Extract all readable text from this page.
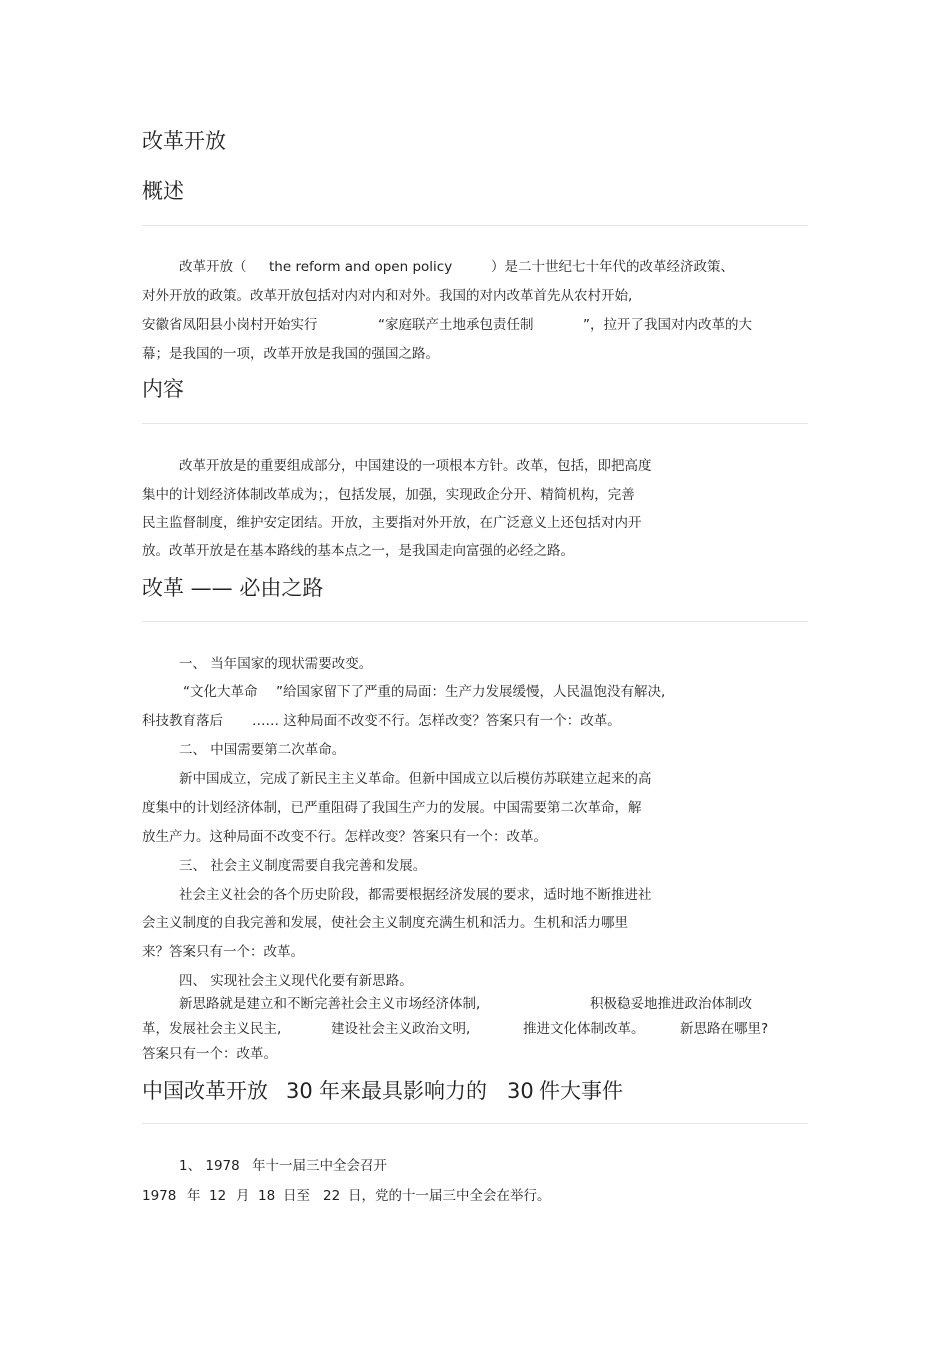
改革开放
概述
改革开放（ the reform and open policy	）是二十世纪七十年代的改革经济政策、
对外开放的政策。改革开放包括对内对内和对外。我国的对内改革首先从农村开始,
安徽省凤阳县小岗村开始实行	“家庭联产土地承包责任制	”，拉开了我国对内改革的大
幕；是我国的一项，改革开放是我国的强国之路。
内容
改革开放是的重要组成部分，中国建设的一项根本方针。改革，包括，即把高度
集中的计划经济体制改革成为；，包括发展，加强，实现政企分开、精简机构，完善
民主监督制度，维护安定团结。开放，主要指对外开放，在广泛意义上还包括对内开
放。改革开放是在基本路线的基本点之一，是我国走向富强的必经之路。
改革 —— 必由之路
一、 当年国家的现状需要改变。
“文化大革命 ”给国家留下了严重的局面：生产力发展缓慢，人民温饱没有解决,
科技教育落后 …… 这种局面不改变不行。怎样改变？答案只有一个：改革。
二、 中国需要第二次革命。
新中国成立，完成了新民主主义革命。但新中国成立以后模仿苏联建立起来的高
度集中的计划经济体制，已严重阻碍了我国生产力的发展。中国需要第二次革命，解
放生产力。这种局面不改变不行。怎样改变？答案只有一个：改革。
三、 社会主义制度需要自我完善和发展。
社会主义社会的各个历史阶段，都需要根据经济发展的要求，适时地不断推进社
会主义制度的自我完善和发展，使社会主义制度充满生机和活力。生机和活力哪里
来？答案只有一个：改革。
四、 实现社会主义现代化要有新思路。
新思路就是建立和不断完善社会主义市场经济体制,	积极稳妥地推进政治体制改
革，发展社会主义民主,	建设社会主义政治文明,	推进文化体制改革。	新思路在哪里?
答案只有一个：改革。
中国改革开放 30 年来最具影响力的 30 件大事件
1、 1978 年十一届三中全会召开
1978 年 12 月 18 日至 22 日，党的十一届三中全会在举行。
